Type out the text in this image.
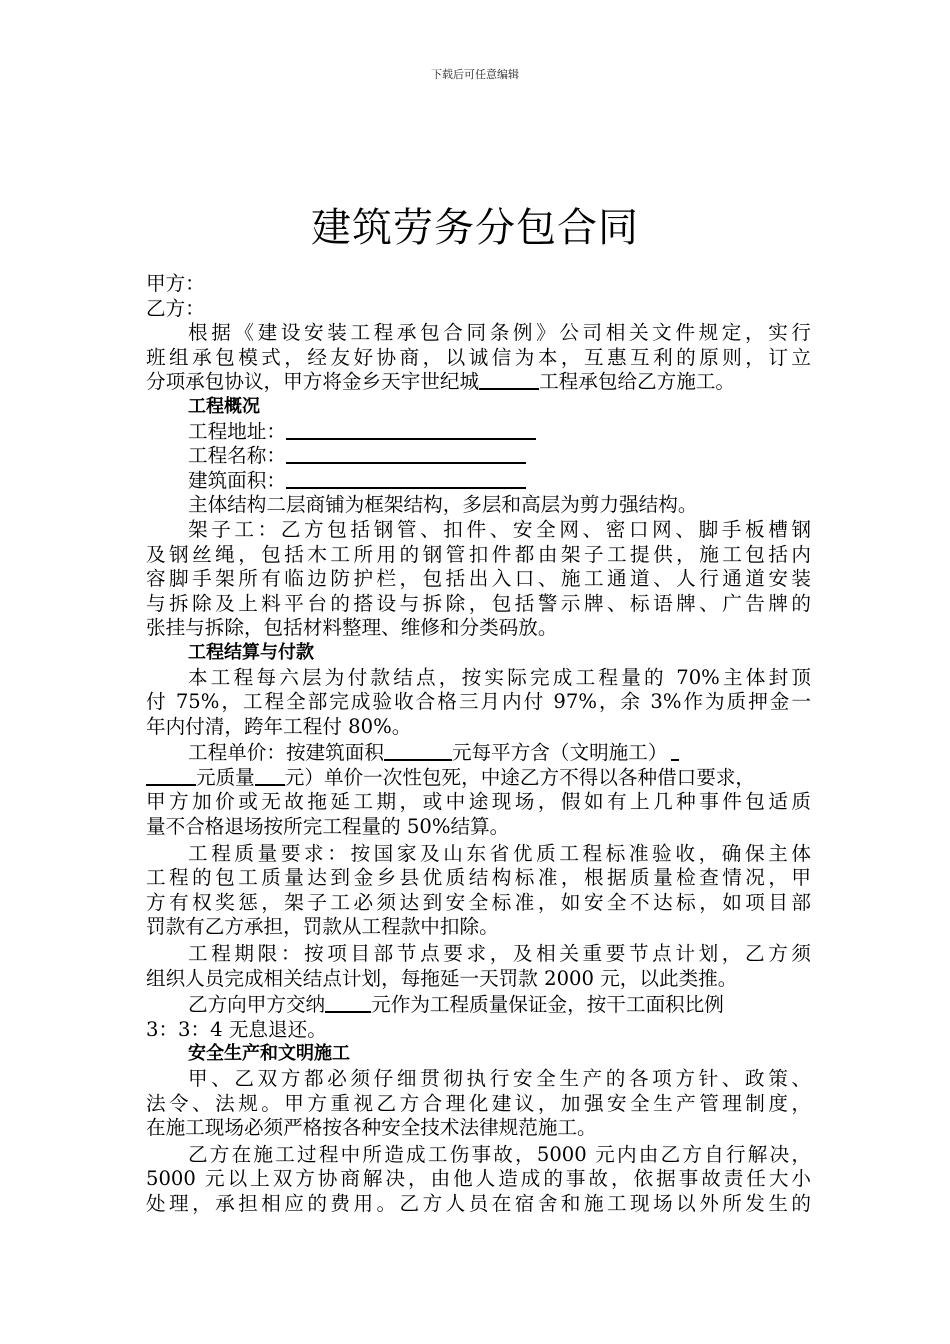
下载后可任意编辑
建筑劳务分包合同
甲方：
乙方：
根据《建设安装工程承包合同条例》公司相关文件规定，实行
班组承包模式，经友好协商，以诚信为本，互惠互利的原则，订立
分项承包协议，甲方将金乡天宇世纪城	工程承包给乙方施工。
工程概况
工程地址：
工程名称：
建筑面积：
主体结构二层商铺为框架结构，多层和高层为剪力强结构。
架子工：乙方包括钢管、扣件、安全网、密口网、脚手板槽钢
及钢丝绳，包括木工所用的钢管扣件都由架子工提供，施工包括内
容脚手架所有临边防护栏，包括出入口、施工通道、人行通道安装
与拆除及上料平台的搭设与拆除，包括警示牌、标语牌、广告牌的
张挂与拆除，包括材料整理、维修和分类码放。
工程结算与付款
本工程每六层为付款结点，按实际完成工程量的 70%主体封顶
付 75%，工程全部完成验收合格三月内付 97%，余 3%作为质押金一
年内付清，跨年工程付 80%。
工程单价：按建筑面积	元每平方含（文明施工）
元质量 元）单价一次性包死，中途乙方不得以各种借口要求，
甲方加价或无故拖延工期，或中途现场，假如有上几种事件包适质
量不合格退场按所完工程量的 50%结算。
工程质量要求：按国家及山东省优质工程标准验收，确保主体
工程的包工质量达到金乡县优质结构标准，根据质量检查情况，甲
方有权奖惩，架子工必须达到安全标准，如安全不达标，如项目部
罚款有乙方承担，罚款从工程款中扣除。
工程期限：按项目部节点要求，及相关重要节点计划，乙方须
组织人员完成相关结点计划，每拖延一天罚款 2000 元，以此类推。
乙方向甲方交纳 元作为工程质量保证金，按干工面积比例
3：3：4 无息退还。
安全生产和文明施工
甲、乙双方都必须仔细贯彻执行安全生产的各项方针、政策、
法令、法规。甲方重视乙方合理化建议，加强安全生产管理制度，
在施工现场必须严格按各种安全技术法律规范施工。
乙方在施工过程中所造成工伤事故，5000 元内由乙方自行解决，
5000 元以上双方协商解决，由他人造成的事故，依据事故责任大小
处理，承担相应的费用。乙方人员在宿舍和施工现场以外所发生的
